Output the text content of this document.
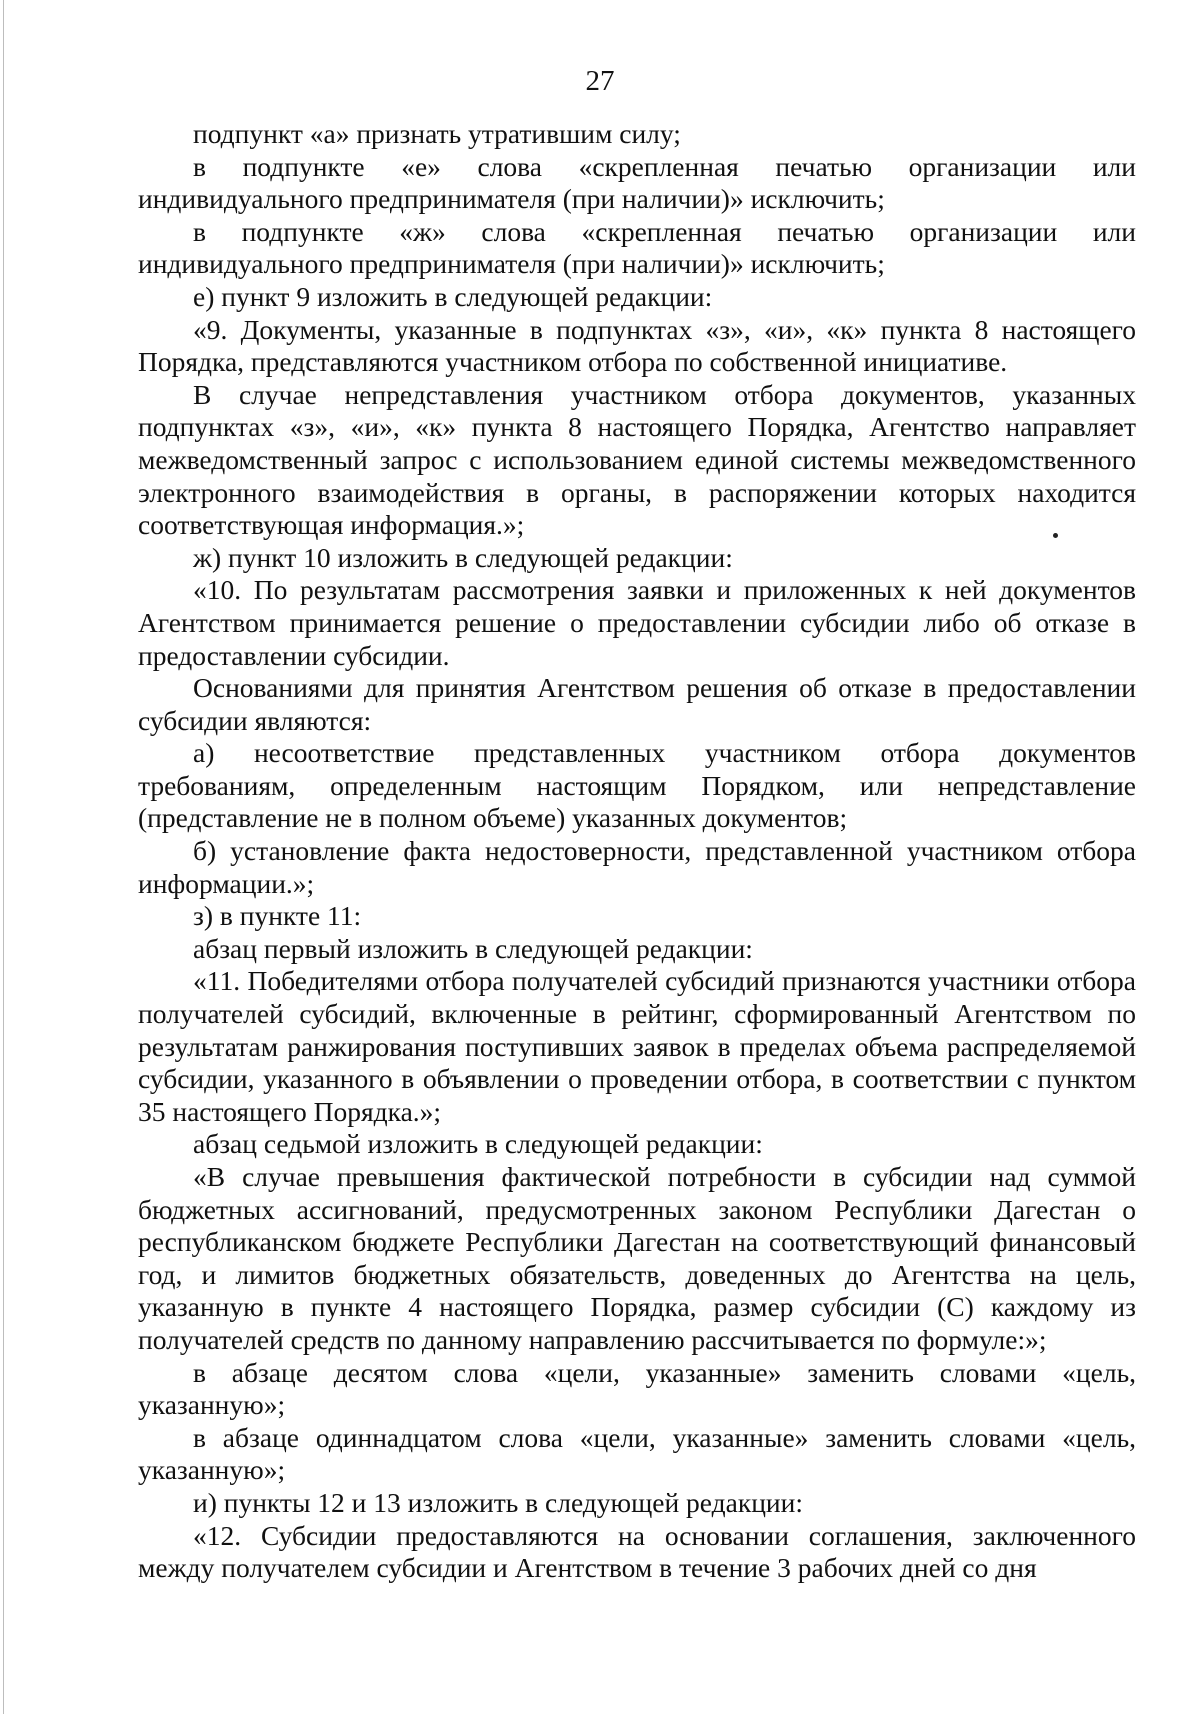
27

подпункт «а» признать утратившим силу;

в подпункте «е» слова «скрепленная печатью организации или индивидуального предпринимателя (при наличии)» исключить;

в подпункте «ж» слова «скрепленная печатью организации или индивидуального предпринимателя (при наличии)» исключить;

е) пункт 9 изложить в следующей редакции:

«9. Документы, указанные в подпунктах «з», «и», «к» пункта 8 настоящего Порядка, представляются участником отбора по собственной инициативе.

В случае непредставления участником отбора документов, указанных подпунктах «з», «и», «к» пункта 8 настоящего Порядка, Агентство направляет межведомственный запрос с использованием единой системы межведомственного электронного взаимодействия в органы, в распоряжении которых находится соответствующая информация.»;

ж) пункт 10 изложить в следующей редакции:

«10. По результатам рассмотрения заявки и приложенных к ней документов Агентством принимается решение о предоставлении субсидии либо об отказе в предоставлении субсидии.

Основаниями для принятия Агентством решения об отказе в предоставлении субсидии являются:

а) несоответствие представленных участником отбора документов требованиям, определенным настоящим Порядком, или непредставление (представление не в полном объеме) указанных документов;

б) установление факта недостоверности, представленной участником отбора информации.»;

з) в пункте 11:

абзац первый изложить в следующей редакции:

«11. Победителями отбора получателей субсидий признаются участники отбора получателей субсидий, включенные в рейтинг, сформированный Агентством по результатам ранжирования поступивших заявок в пределах объема распределяемой субсидии, указанного в объявлении о проведении отбора, в соответствии с пунктом 35 настоящего Порядка.»;

абзац седьмой изложить в следующей редакции:

«В случае превышения фактической потребности в субсидии над суммой бюджетных ассигнований, предусмотренных законом Республики Дагестан о республиканском бюджете Республики Дагестан на соответствующий финансовый год, и лимитов бюджетных обязательств, доведенных до Агентства на цель, указанную в пункте 4 настоящего Порядка, размер субсидии (С) каждому из получателей средств по данному направлению рассчитывается по формуле:»;

в абзаце десятом слова «цели, указанные» заменить словами «цель, указанную»;

в абзаце одиннадцатом слова «цели, указанные» заменить словами «цель, указанную»;

и) пункты 12 и 13 изложить в следующей редакции:

«12. Субсидии предоставляются на основании соглашения, заключенного между получателем субсидии и Агентством в течение 3 рабочих дней со дня
